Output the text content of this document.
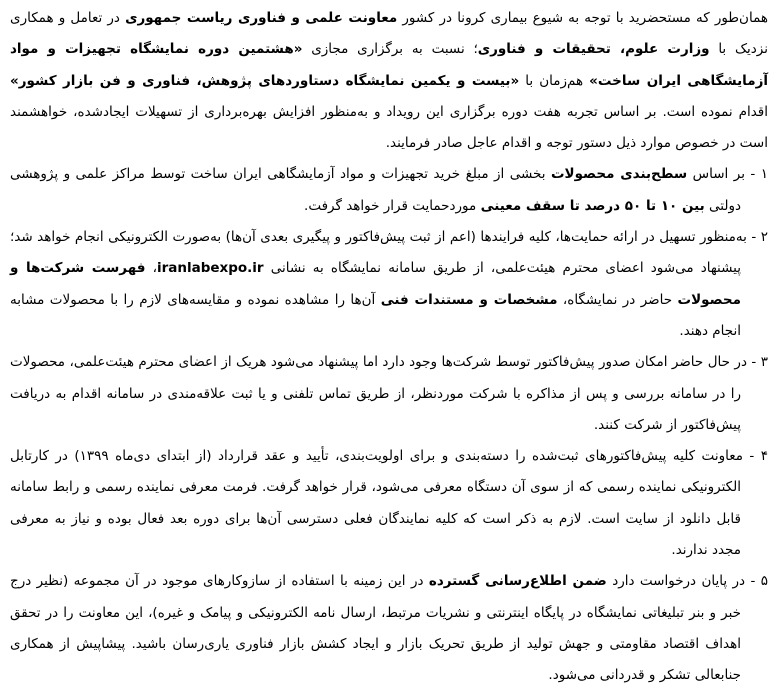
همان‌طور که مستحضرید با توجه به شیوع بیماری کرونا در کشور معاونت علمی و فناوری ریاست جمهوری در تعامل و همکاری نزدیک با وزارت علوم، تحقیقات و فناوری؛ نسبت به برگزاری مجازی «هشتمین دوره نمایشگاه تجهیزات و مواد آزمایشگاهی ایران ساخت» هم‌زمان با «بیست و یکمین نمایشگاه دستاوردهای پژوهش، فناوری و فن بازار کشور» اقدام نموده است. بر اساس تجربه هفت دوره برگزاری این رویداد و به‌منظور افزایش بهره‌برداری از تسهیلات ایجادشده، خواهشمند است در خصوص موارد ذیل دستور توجه و اقدام عاجل صادر فرمایند.
۱ - بر اساس سطح‌بندی محصولات بخشی از مبلغ خرید تجهیزات و مواد آزمایشگاهی ایران ساخت توسط مراکز علمی و پژوهشی دولتی بین ۱۰ تا ۵۰ درصد تا سقف معینی موردحمایت قرار خواهد گرفت.
۲ - به‌منظور تسهیل در ارائه حمایت‌ها، کلیه فرایندها (اعم از ثبت پیش‌فاکتور و پیگیری بعدی آن‌ها) به‌صورت الکترونیکی انجام خواهد شد؛ پیشنهاد می‌شود اعضای محترم هیئت‌علمی، از طریق سامانه نمایشگاه به نشانی iranlabexpo.ir، فهرست شرکت‌ها و محصولات حاضر در نمایشگاه، مشخصات و مستندات فنی آن‌ها را مشاهده نموده و مقایسه‌های لازم را با محصولات مشابه انجام دهند.
۳ - در حال حاضر امکان صدور پیش‌فاکتور توسط شرکت‌ها وجود دارد اما پیشنهاد می‌شود هریک از اعضای محترم هیئت‌علمی، محصولات را در سامانه بررسی و پس از مذاکره با شرکت موردنظر، از طریق تماس تلفنی و یا ثبت علاقه‌مندی در سامانه اقدام به دریافت پیش‌فاکتور از شرکت کنند.
۴ - معاونت کلیه پیش‌فاکتورهای ثبت‌شده را دسته‌بندی و برای اولویت‌بندی، تأیید و عقد قرارداد (از ابتدای دی‌ماه ۱۳۹۹) در کارتابل الکترونیکی نماینده رسمی که از سوی آن دستگاه معرفی می‌شود، قرار خواهد گرفت. فرمت معرفی نماینده رسمی و رابط سامانه قابل دانلود از سایت است. لازم به ذکر است که کلیه نمایندگان فعلی دسترسی آن‌ها برای دوره بعد فعال بوده و نیاز به معرفی مجدد ندارند.
۵ - در پایان درخواست دارد ضمن اطلاع‌رسانی گسترده در این زمینه با استفاده از سازوکارهای موجود در آن مجموعه (نظیر درج خبر و بنر تبلیغاتی نمایشگاه در پایگاه اینترنتی و نشریات مرتبط، ارسال نامه الکترونیکی و پیامک و غیره)، این معاونت را در تحقق اهداف اقتصاد مقاومتی و جهش تولید از طریق تحریک بازار و ایجاد کشش بازار فناوری یاری‌رسان باشید. پیشاپیش از همکاری جنابعالی تشکر و قدردانی می‌شود.
